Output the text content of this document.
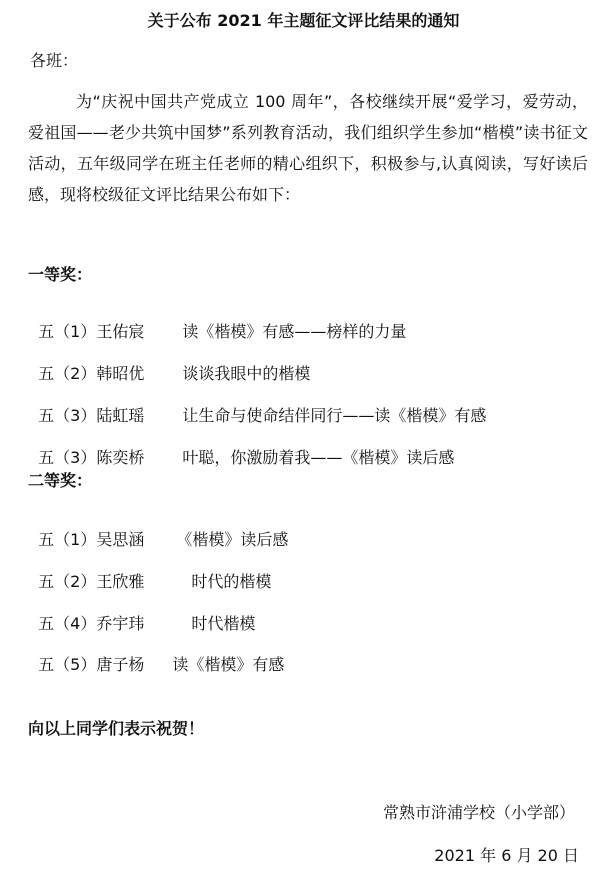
关于公布 2021 年主题征文评比结果的通知
各班：
为“庆祝中国共产党成立 100 周年”，各校继续开展“爱学习，爱劳动，爱祖国——老少共筑中国梦”系列教育活动，我们组织学生参加“楷模”读书征文活动，五年级同学在班主任老师的精心组织下，积极参与,认真阅读，写好读后感，现将校级征文评比结果公布如下：
一等奖：

五（1）王佑宸 读《楷模》有感——榜样的力量

五（2）韩昭优 谈谈我眼中的楷模

五（3）陆虹瑶 让生命与使命结伴同行——读《楷模》有感

五（3）陈奕桥 叶聪，你激励着我——《楷模》读后感

二等奖：

五（1）吴思涵 《楷模》读后感

五（2）王欣雅	时代的楷模

五（4）乔宇玮	时代楷模

五（5）唐子杨 读《楷模》有感

向以上同学们表示祝贺！
常熟市浒浦学校（小学部）
2021 年 6 月 20 日
